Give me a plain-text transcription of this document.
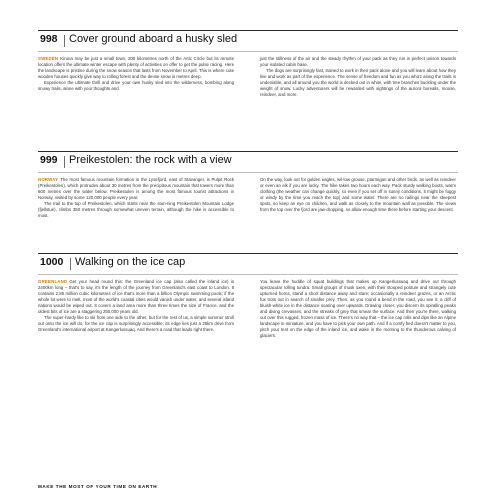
998 Cover ground aboard a husky sled

SWEDEN Kiruna may be just a small town, 200 kilometres north of the Artic Circle but its remote location offers the ultimate winter escape with plenty of activities on offer to get the pulse racing. Here the landscape is pristine during the snow season that lasts from November to April. This is where cute wooden houses quickly give way to rolling forest and the dense snow is metres deep.

Experience the ultimate thrill and drive your own husky sled into the wilderness, bombing along snowy trails, alone with your thoughts and

just the stillness of the air and the steady rhythm of your pack as they run in perfect unison towards your isolated cabin base.

The dogs are surprisingly fast, trained to work in their pack alone and you will learn about how they live and work as part of the experience. The sense of freedom and fun as you whizz along the trails is undeniable, and all around you the world is decked out in white, with tree branches buckling under the weight of snow. Lucky adventurers will be rewarded with sightings of the aurora borealis, moose, reindeer, and more.

999 Preikestolen: the rock with a view

NORWAY The most famous mountain formation in the Lysefjord, east of Stavanger, is Pulpit Rock (Preikestolen), which protrudes about 30 metres from the precipitous mountain that towers more than 600 metres over the water below. Preikestolen is among the most famous tourist attractions in Norway, visited by some 120,000 people every year.

The trail to the top of Preikestolen, which starts near the stun-ning Preikestolen Mountain Lodge (fjellstue), climbs 350 metres through somewhat uneven terrain, although the hike is accessible to most.

On the way, look out for golden eagles, wil-low grouse, ptarmigan and other birds, as well as reindeer or even an elk if you are lucky. The hike takes two hours each way. Pack sturdy walking boots, warm clothing (the weather can change quickly, so even if you set off in sunny conditions, it might be foggy or windy by the time you reach the top) and some water. There are no railings near the steepest spots, so keep an eye on children, and walk as closely to the mountain wall as possible. The views from the top over the fjord are jaw-dropping, so allow enough time there before starting your descent.

1000 Walking on the ice cap

GREENLAND Get your head round this: the Greenland ice cap (also called the inland ice) is 2400km long – that's to say, it's the length of the journey from Greenland's east coast to London. It contains 2.85 million cubic kilometres of ice that's more than a billion Olympic swimming pools; if the whole lot were to melt, most of the world's coastal cities would vanish under water, and several island nations would be wiped out. It covers a land area more than three times the size of France, and the oldest bits of ice are a staggering 250,000 years old.

The super-hardy like to ski from one side to the other, but for the rest of us, a simple summer stroll out onto the ice will do, for the ice cap is surprisingly accessible; its edge lies just a 25km drive from Greenland's international airport at Kangerlussuaq. And there's a road that leads right there.

You leave the huddle of squat buildings that makes up Kangerlussuaq and drive out through spectacular rolling tundra. Small groups of musk oxen, with their stooped posture and strangely cute upturned horns, stand a short distance away and stare; occasionally a reindeer grazes, or an Arctic fox trots out in search of smaller prey. Then, as you round a bend in the road, you see it: a cliff of bluish-white ice in the distance soaring over upwards. Drawing closer, you discern its spiralling peaks and diving crevasses, and the streaks of grey that smear the surface. And then you're there, walking out over this rugged, frozen mass of ice. There's no way that – the ice cap rolls and dips like an Alpine landscape in miniature, and you have to pick your own path. And if a comfy bed doesn't matter to you, pitch your tent on the edge of the inland ice, and wake in the morning to the thunderous calving of glaciers.

MAKE THE MOST OF YOUR TIME ON EARTH
